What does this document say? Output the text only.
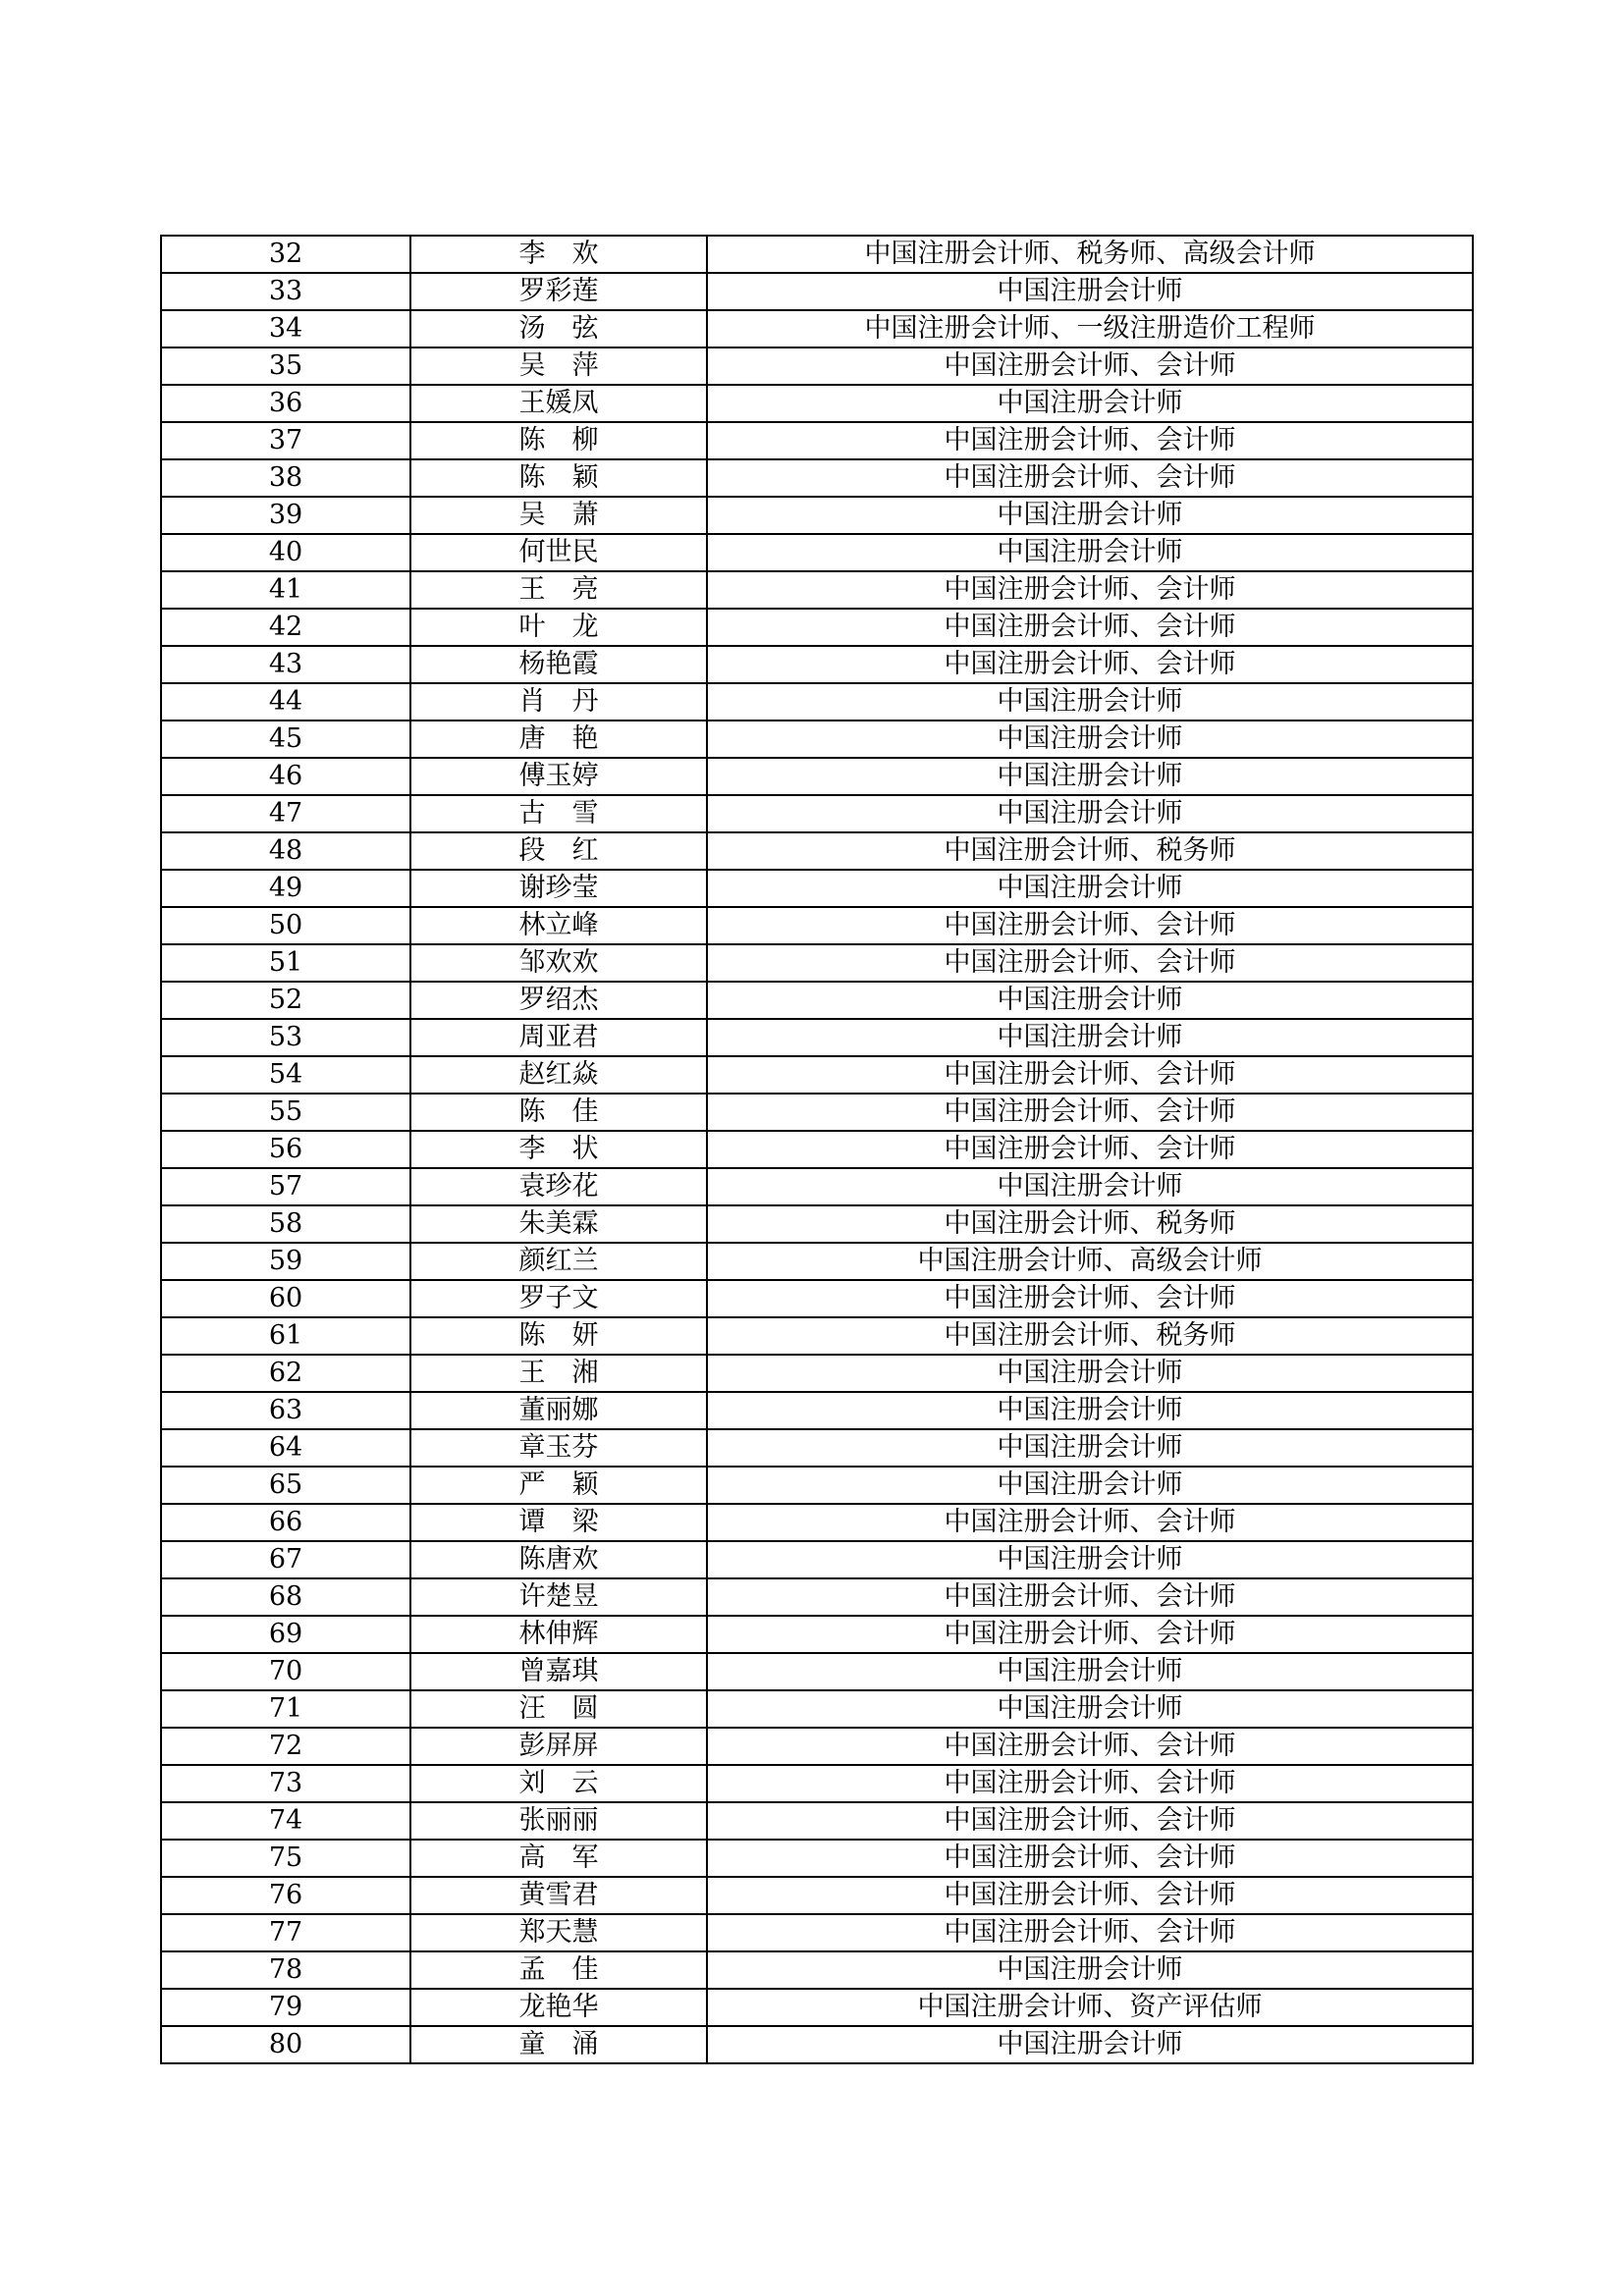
32	李　欢	中国注册会计师、税务师、高级会计师
33	罗彩莲	中国注册会计师
34	汤　弦	中国注册会计师、一级注册造价工程师
35	吴　萍	中国注册会计师、会计师
36	王媛凤	中国注册会计师
37	陈　柳	中国注册会计师、会计师
38	陈　颖	中国注册会计师、会计师
39	吴　萧	中国注册会计师
40	何世民	中国注册会计师
41	王　亮	中国注册会计师、会计师
42	叶　龙	中国注册会计师、会计师
43	杨艳霞	中国注册会计师、会计师
44	肖　丹	中国注册会计师
45	唐　艳	中国注册会计师
46	傅玉婷	中国注册会计师
47	古　雪	中国注册会计师
48	段　红	中国注册会计师、税务师
49	谢珍莹	中国注册会计师
50	林立峰	中国注册会计师、会计师
51	邹欢欢	中国注册会计师、会计师
52	罗绍杰	中国注册会计师
53	周亚君	中国注册会计师
54	赵红焱	中国注册会计师、会计师
55	陈　佳	中国注册会计师、会计师
56	李　状	中国注册会计师、会计师
57	袁珍花	中国注册会计师
58	朱美霖	中国注册会计师、税务师
59	颜红兰	中国注册会计师、高级会计师
60	罗子文	中国注册会计师、会计师
61	陈　妍	中国注册会计师、税务师
62	王　湘	中国注册会计师
63	董丽娜	中国注册会计师
64	章玉芬	中国注册会计师
65	严　颖	中国注册会计师
66	谭　梁	中国注册会计师、会计师
67	陈唐欢	中国注册会计师
68	许楚昱	中国注册会计师、会计师
69	林伸辉	中国注册会计师、会计师
70	曾嘉琪	中国注册会计师
71	汪　圆	中国注册会计师
72	彭屏屏	中国注册会计师、会计师
73	刘　云	中国注册会计师、会计师
74	张丽丽	中国注册会计师、会计师
75	高　军	中国注册会计师、会计师
76	黄雪君	中国注册会计师、会计师
77	郑天慧	中国注册会计师、会计师
78	孟　佳	中国注册会计师
79	龙艳华	中国注册会计师、资产评估师
80	童　涌	中国注册会计师
